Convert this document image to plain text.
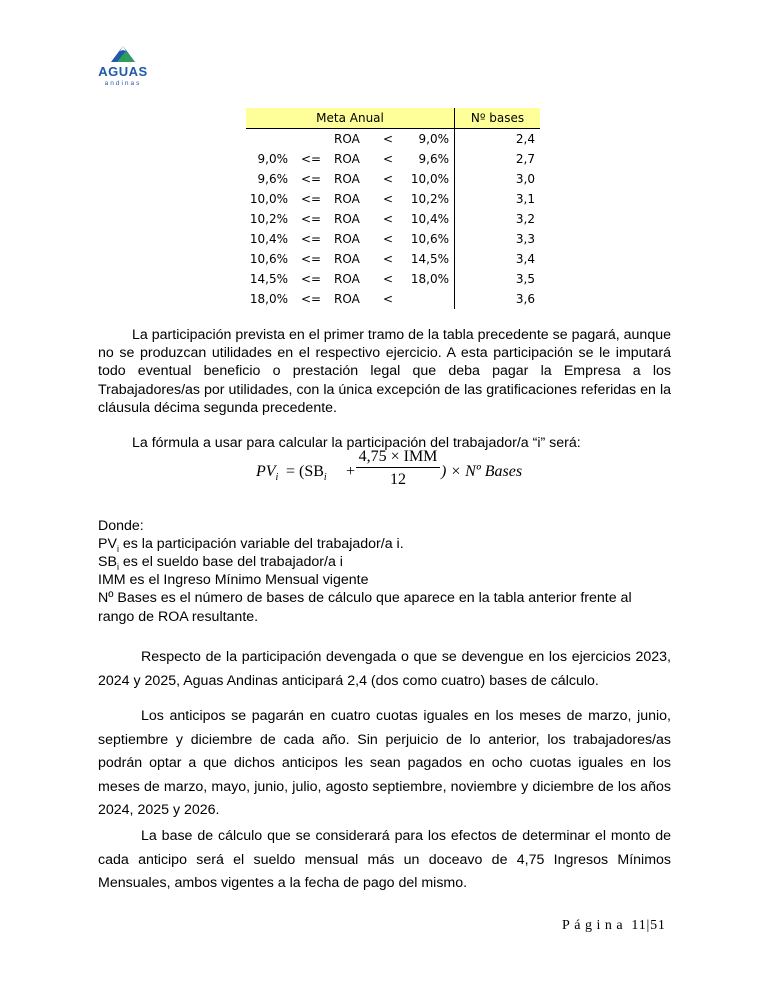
AGUAS
andinas
Meta Anual					Nº bases
		ROA	<	9,0%	2,4
9,0%	<=	ROA	<	9,6%	2,7
9,6%	<=	ROA	<	10,0%	3,0
10,0%	<=	ROA	<	10,2%	3,1
10,2%	<=	ROA	<	10,4%	3,2
10,4%	<=	ROA	<	10,6%	3,3
10,6%	<=	ROA	<	14,5%	3,4
14,5%	<=	ROA	<	18,0%	3,5
18,0%	<=	ROA	<		3,6
La participación prevista en el primer tramo de la tabla precedente se pagará, aunque no se produzcan utilidades en el respectivo ejercicio. A esta participación se le imputará todo eventual beneficio o prestación legal que deba pagar la Empresa a los Trabajadores/as por utilidades, con la única excepción de las gratificaciones referidas en la cláusula décima segunda precedente.
La fórmula a usar para calcular la participación del trabajador/a “i” será:
$PV_i = (SB_i$ +
4,75 × IMM
12	) × Nº Bases
Donde:
$PV_i$ es la participación variable del trabajador/a i.
$SB_i$ es el sueldo base del trabajador/a i
IMM es el Ingreso Mínimo Mensual vigente
Nº Bases es el número de bases de cálculo que aparece en la tabla anterior frente al rango de ROA resultante.
Respecto de la participación devengada o que se devengue en los ejercicios 2023, 2024 y 2025, Aguas Andinas anticipará 2,4 (dos como cuatro) bases de cálculo.
Los anticipos se pagarán en cuatro cuotas iguales en los meses de marzo, junio, septiembre y diciembre de cada año. Sin perjuicio de lo anterior, los trabajadores/as podrán optar a que dichos anticipos les sean pagados en ocho cuotas iguales en los meses de marzo, mayo, junio, julio, agosto septiembre, noviembre y diciembre de los años 2024, 2025 y 2026.
La base de cálculo que se considerará para los efectos de determinar el monto de cada anticipo será el sueldo mensual más un doceavo de 4,75 Ingresos Mínimos Mensuales, ambos vigentes a la fecha de pago del mismo.
Página 11|51
